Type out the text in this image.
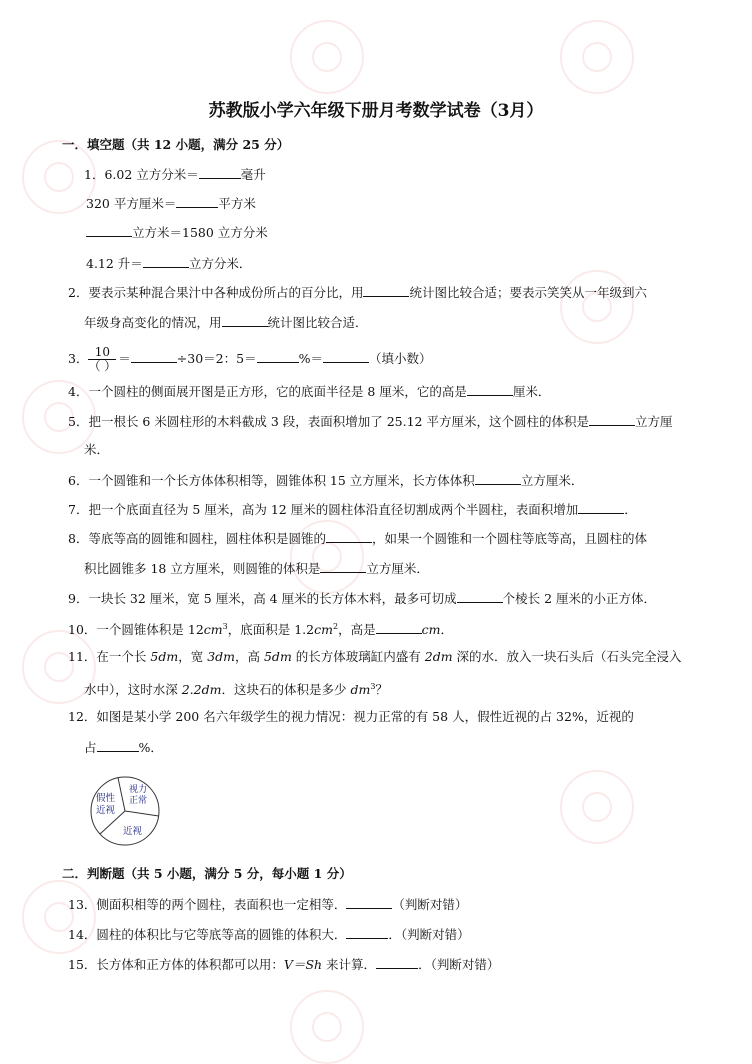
苏教版小学六年级下册月考数学试卷（3月）
一．填空题（共 12 小题，满分 25 分）
1．6.02 立方分米＝	毫升
320 平方厘米＝	平方米
立方米＝1580 立方分米
4.12 升＝	立方分米．
2．要表示某种混合果汁中各种成份所占的百分比，用	统计图比较合适；要表示笑笑从一年级到六
年级身高变化的情况，用	统计图比较合适．
3． $\frac{10}{( )}$ ＝	÷30＝2：5＝	%＝	（填小数）
4．一个圆柱的侧面展开图是正方形，它的底面半径是 8 厘米，它的高是	厘米．
5．把一根长 6 米圆柱形的木料截成 3 段，表面积增加了 25.12 平方厘米，这个圆柱的体积是	立方厘
米．
6．一个圆锥和一个长方体体积相等，圆锥体积 15 立方厘米，长方体体积	立方厘米．
7．把一个底面直径为 5 厘米，高为 12 厘米的圆柱体沿直径切割成两个半圆柱，表面积增加	．
8．等底等高的圆锥和圆柱，圆柱体积是圆锥的	，如果一个圆锥和一个圆柱等底等高，且圆柱的体
积比圆锥多 18 立方厘米，则圆锥的体积是	立方厘米．
9．一块长 32 厘米，宽 5 厘米，高 4 厘米的长方体木料，最多可切成	个棱长 2 厘米的小正方体．
10．一个圆锥体积是 $12cm^3$，底面积是 $1.2cm^2$，高是	cm．
11．在一个长 5dm，宽 3dm，高 5dm 的长方体玻璃缸内盛有 2dm 深的水．放入一块石头后（石头完全浸入
水中），这时水深 2.2dm．这块石的体积是多少 $dm^3$？
12．如图是某小学 200 名六年级学生的视力情况：视力正常的有 58 人，假性近视的占 32%，近视的
占	%．
假性
近视
视力
正常
近视
二．判断题（共 5 小题，满分 5 分，每小题 1 分）
13．侧面积相等的两个圆柱，表面积也一定相等．	（判断对错）
14．圆柱的体积比与它等底等高的圆锥的体积大．	．（判断对错）
15．长方体和正方体的体积都可以用：V＝Sh 来计算．	．（判断对错）
